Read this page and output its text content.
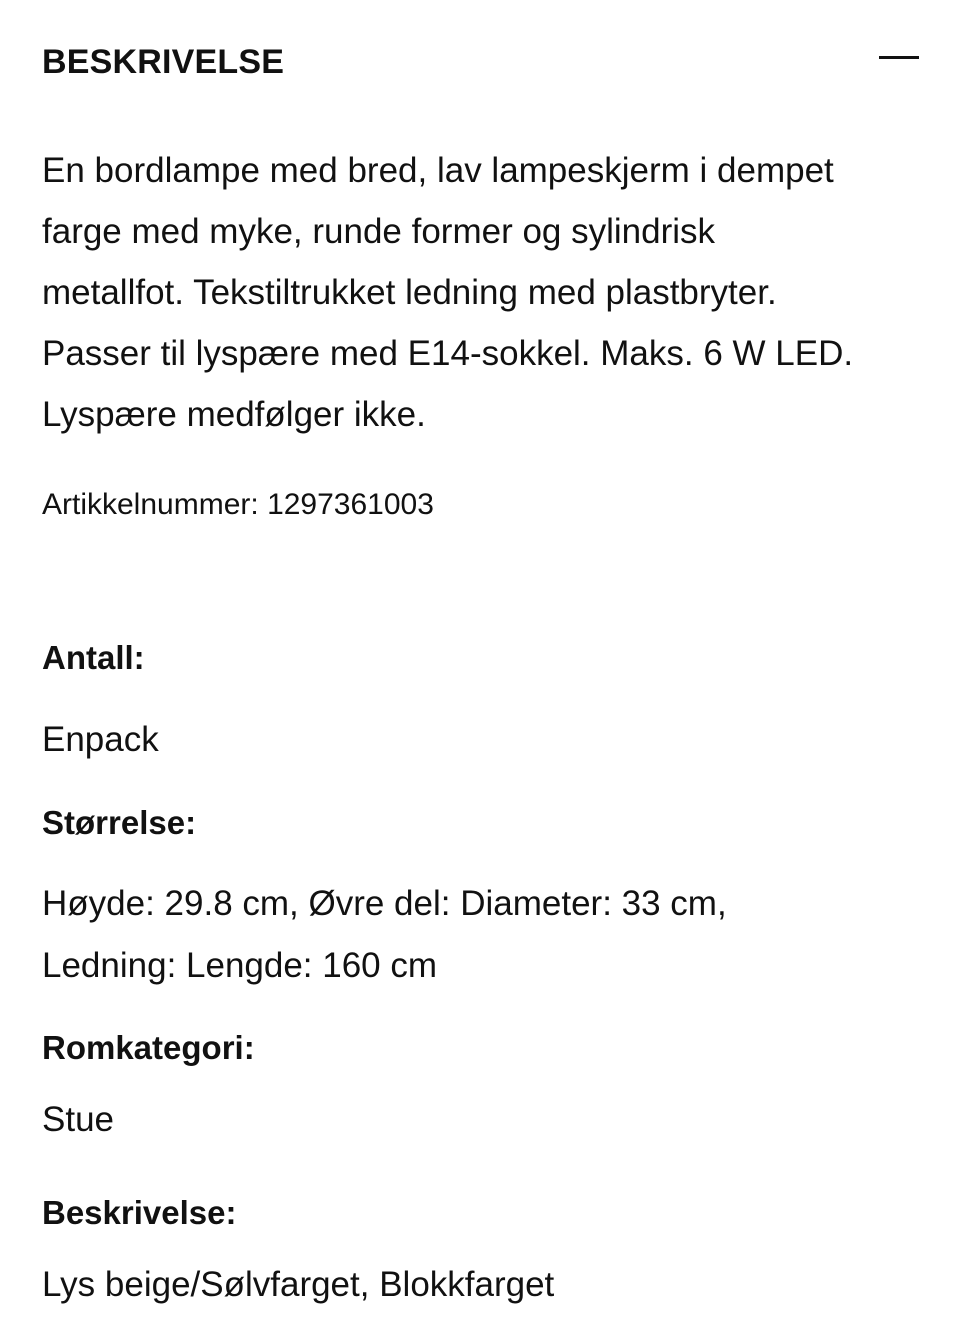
BESKRIVELSE

En bordlampe med bred, lav lampeskjerm i dempet
farge med myke, runde former og sylindrisk
metallfot. Tekstiltrukket ledning med plastbryter.
Passer til lyspære med E14-sokkel. Maks. 6 W LED.
Lyspære medfølger ikke.

Artikkelnummer: 1297361003

Antall:

Enpack

Størrelse:

Høyde: 29.8 cm, Øvre del: Diameter: 33 cm,
Ledning: Lengde: 160 cm

Romkategori:

Stue

Beskrivelse:

Lys beige/Sølvfarget, Blokkfarget
